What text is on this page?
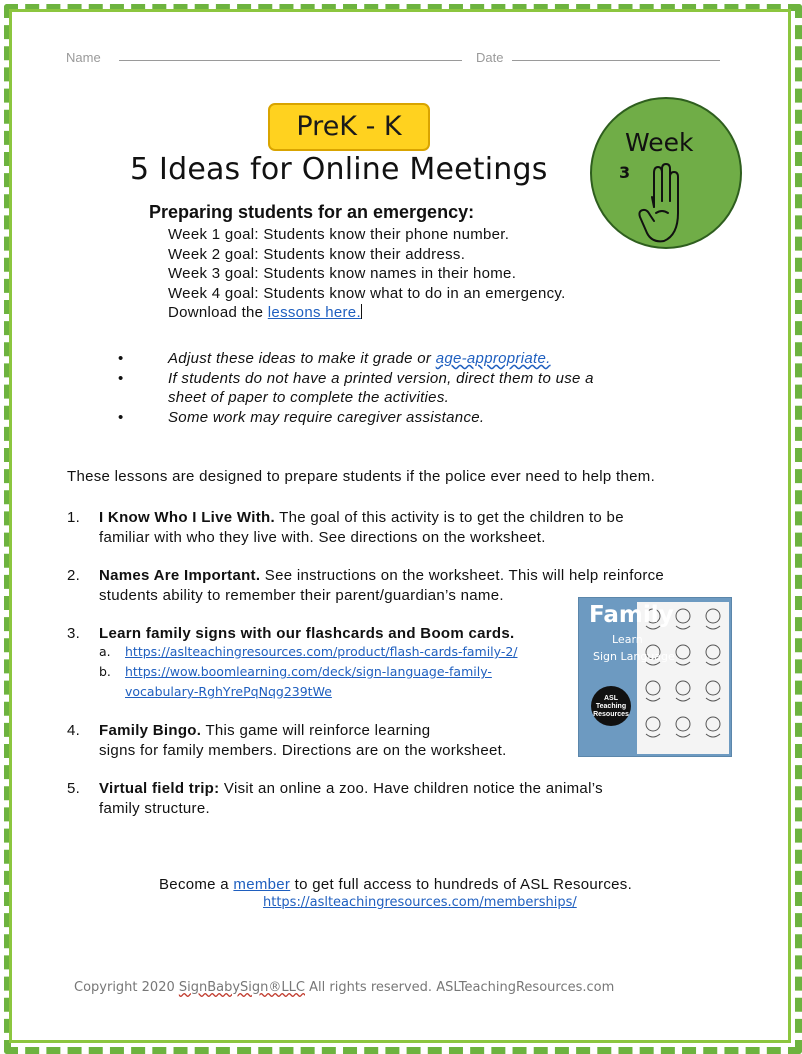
Name	Date
PreK - K
5 Ideas for Online Meetings
Week
3
Preparing students for an emergency:
Week 1 goal: Students know their phone number.
Week 2 goal: Students know their address.
Week 3 goal: Students know names in their home.
Week 4 goal: Students know what to do in an emergency.
Download the lessons here.
•	Adjust these ideas to make it grade or age-appropriate.
•	If students do not have a printed version, direct them to use a
sheet of paper to complete the activities.
•	Some work may require caregiver assistance.
These lessons are designed to prepare students if the police ever need to help them.
1. I Know Who I Live With. The goal of this activity is to get the children to be
familiar with who they live with. See directions on the worksheet.
2. Names Are Important. See instructions on the worksheet. This will help reinforce
students ability to remember their parent/guardian’s name.
3. Learn family signs with our flashcards and Boom cards.
a. https://aslteachingresources.com/product/flash-cards-family-2/
b. https://wow.boomlearning.com/deck/sign-language-family-
vocabulary-RghYrePqNqg239tWe
4. Family Bingo. This game will reinforce learning
signs for family members. Directions are on the worksheet.
5. Virtual field trip: Visit an online a zoo. Have children notice the animal’s
family structure.
Family
Learn
Sign Language
ASL Teaching Resources
Become a member to get full access to hundreds of ASL Resources.
https://aslteachingresources.com/memberships/
Copyright 2020 SignBabySign®LLC All rights reserved. ASLTeachingResources.com
